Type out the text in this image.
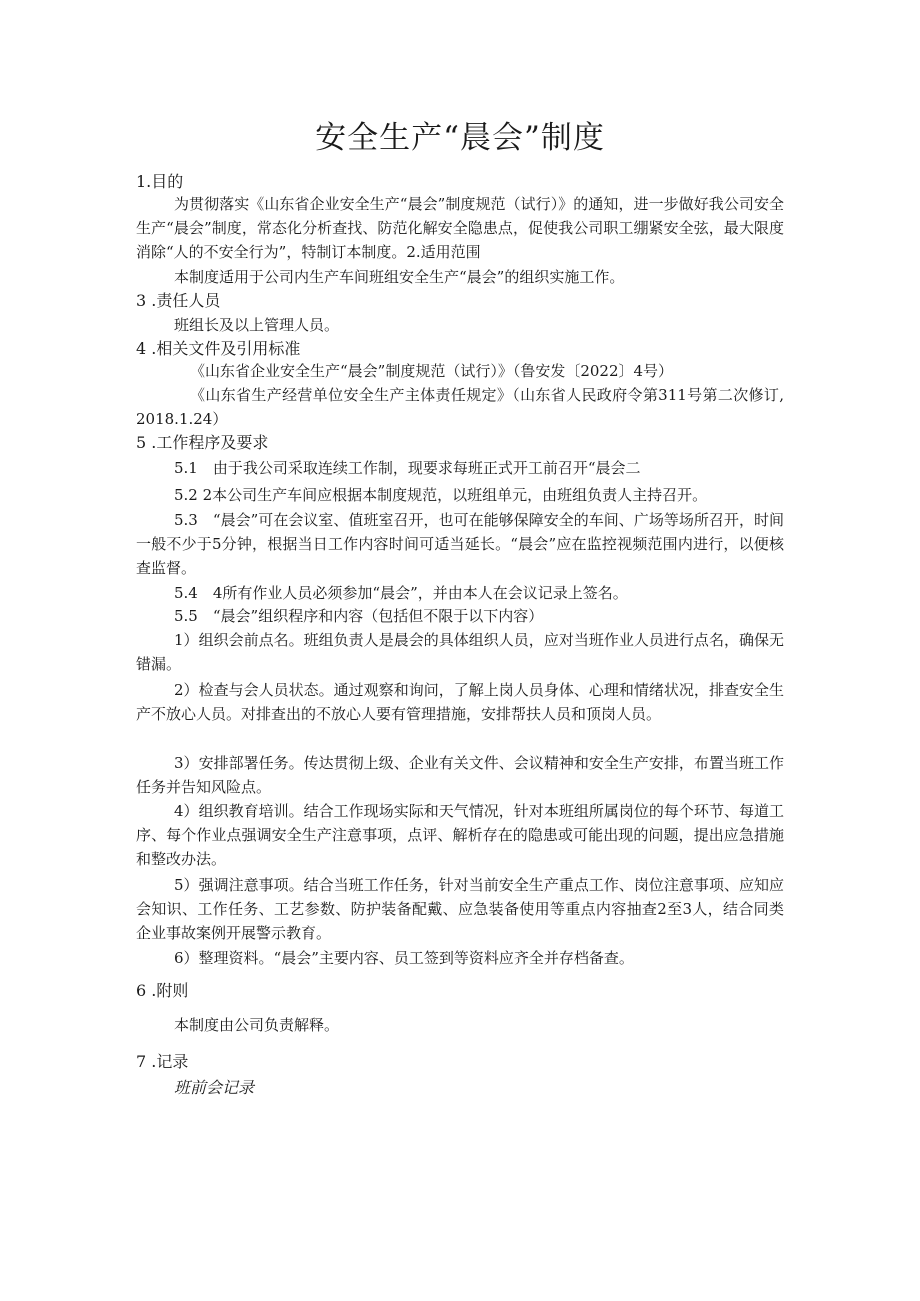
安全生产“晨会”制度
1.目的
为贯彻落实《山东省企业安全生产“晨会”制度规范（试行）》的通知，进一步做好我公司安全生产“晨会”制度，常态化分析查找、防范化解安全隐患点，促使我公司职工绷紧安全弦，最大限度消除“人的不安全行为”，特制订本制度。2.适用范围
本制度适用于公司内生产车间班组安全生产“晨会”的组织实施工作。
3 .责任人员
班组长及以上管理人员。
4 .相关文件及引用标准
《山东省企业安全生产“晨会”制度规范（试行）》（鲁安发〔2022〕4号）
《山东省生产经营单位安全生产主体责任规定》（山东省人民政府令第311号第二次修订, 2018.1.24）
5 .工作程序及要求
5.1　由于我公司采取连续工作制，现要求每班正式开工前召开“晨会二
5.2 2本公司生产车间应根据本制度规范，以班组单元，由班组负责人主持召开。
5.3　“晨会”可在会议室、值班室召开，也可在能够保障安全的车间、广场等场所召开，时间一般不少于5分钟，根据当日工作内容时间可适当延长。“晨会”应在监控视频范围内进行，以便核查监督。
5.4　4所有作业人员必须参加“晨会”，并由本人在会议记录上签名。
5.5　“晨会”组织程序和内容（包括但不限于以下内容）
1）组织会前点名。班组负责人是晨会的具体组织人员，应对当班作业人员进行点名，确保无错漏。
2）检查与会人员状态。通过观察和询问，了解上岗人员身体、心理和情绪状况，排查安全生产不放心人员。对排查出的不放心人要有管理措施，安排帮扶人员和顶岗人员。
3）安排部署任务。传达贯彻上级、企业有关文件、会议精神和安全生产安排，布置当班工作任务并告知风险点。
4）组织教育培训。结合工作现场实际和天气情况，针对本班组所属岗位的每个环节、每道工序、每个作业点强调安全生产注意事项，点评、解析存在的隐患或可能出现的问题，提出应急措施和整改办法。
5）强调注意事项。结合当班工作任务，针对当前安全生产重点工作、岗位注意事项、应知应会知识、工作任务、工艺参数、防护装备配戴、应急装备使用等重点内容抽查2至3人，结合同类企业事故案例开展警示教育。
6）整理资料。“晨会”主要内容、员工签到等资料应齐全并存档备查。
6 .附则
本制度由公司负责解释。
7 .记录
班前会记录
